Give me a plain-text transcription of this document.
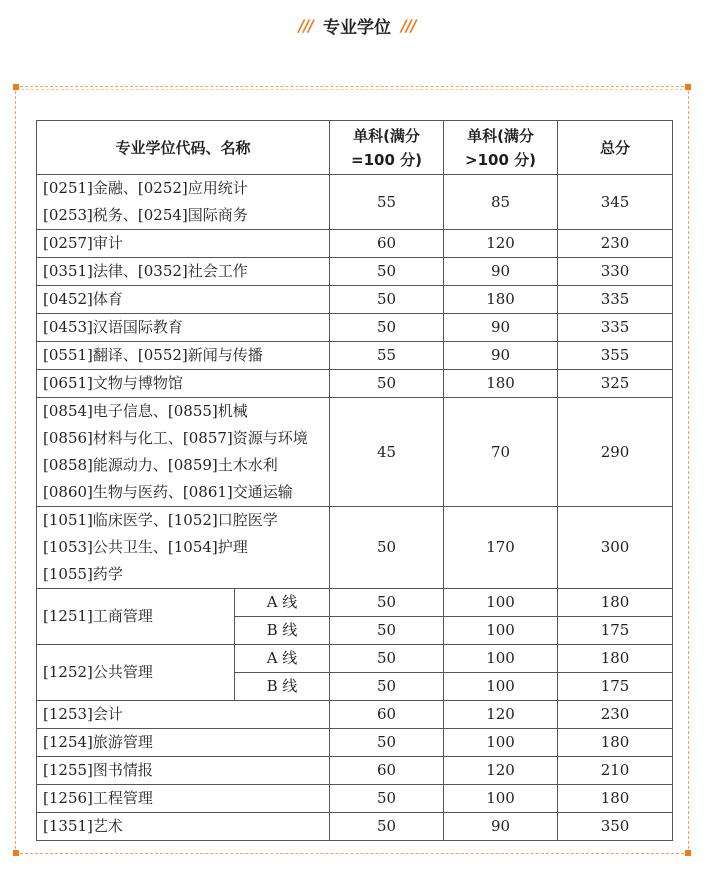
/// 专业学位 ///
专业学位代码、名称		单科(满分=100 分)	单科(满分>100 分)	总分

[0251]金融、[0252]应用统计
[0253]税务、[0254]国际商务		55	85	345

[0257]审计		60	120	230

[0351]法律、[0352]社会工作		50	90	330

[0452]体育		50	180	335

[0453]汉语国际教育		50	90	335

[0551]翻译、[0552]新闻与传播		55	90	355

[0651]文物与博物馆		50	180	325

[0854]电子信息、[0855]机械
[0856]材料与化工、[0857]资源与环境
[0858]能源动力、[0859]土木水利
[0860]生物与医药、[0861]交通运输		45	70	290

[1051]临床医学、[1052]口腔医学
[1053]公共卫生、[1054]护理
[1055]药学		50	170	300
[1251]工商管理	A 线	50	100	180
	B 线	50	100	175
[1252]公共管理	A 线	50	100	180
	B 线	50	100	175
[1253]会计		60	120	230
[1254]旅游管理		50	100	180
[1255]图书情报		60	120	210
[1256]工程管理		50	100	180
[1351]艺术		50	90	350
